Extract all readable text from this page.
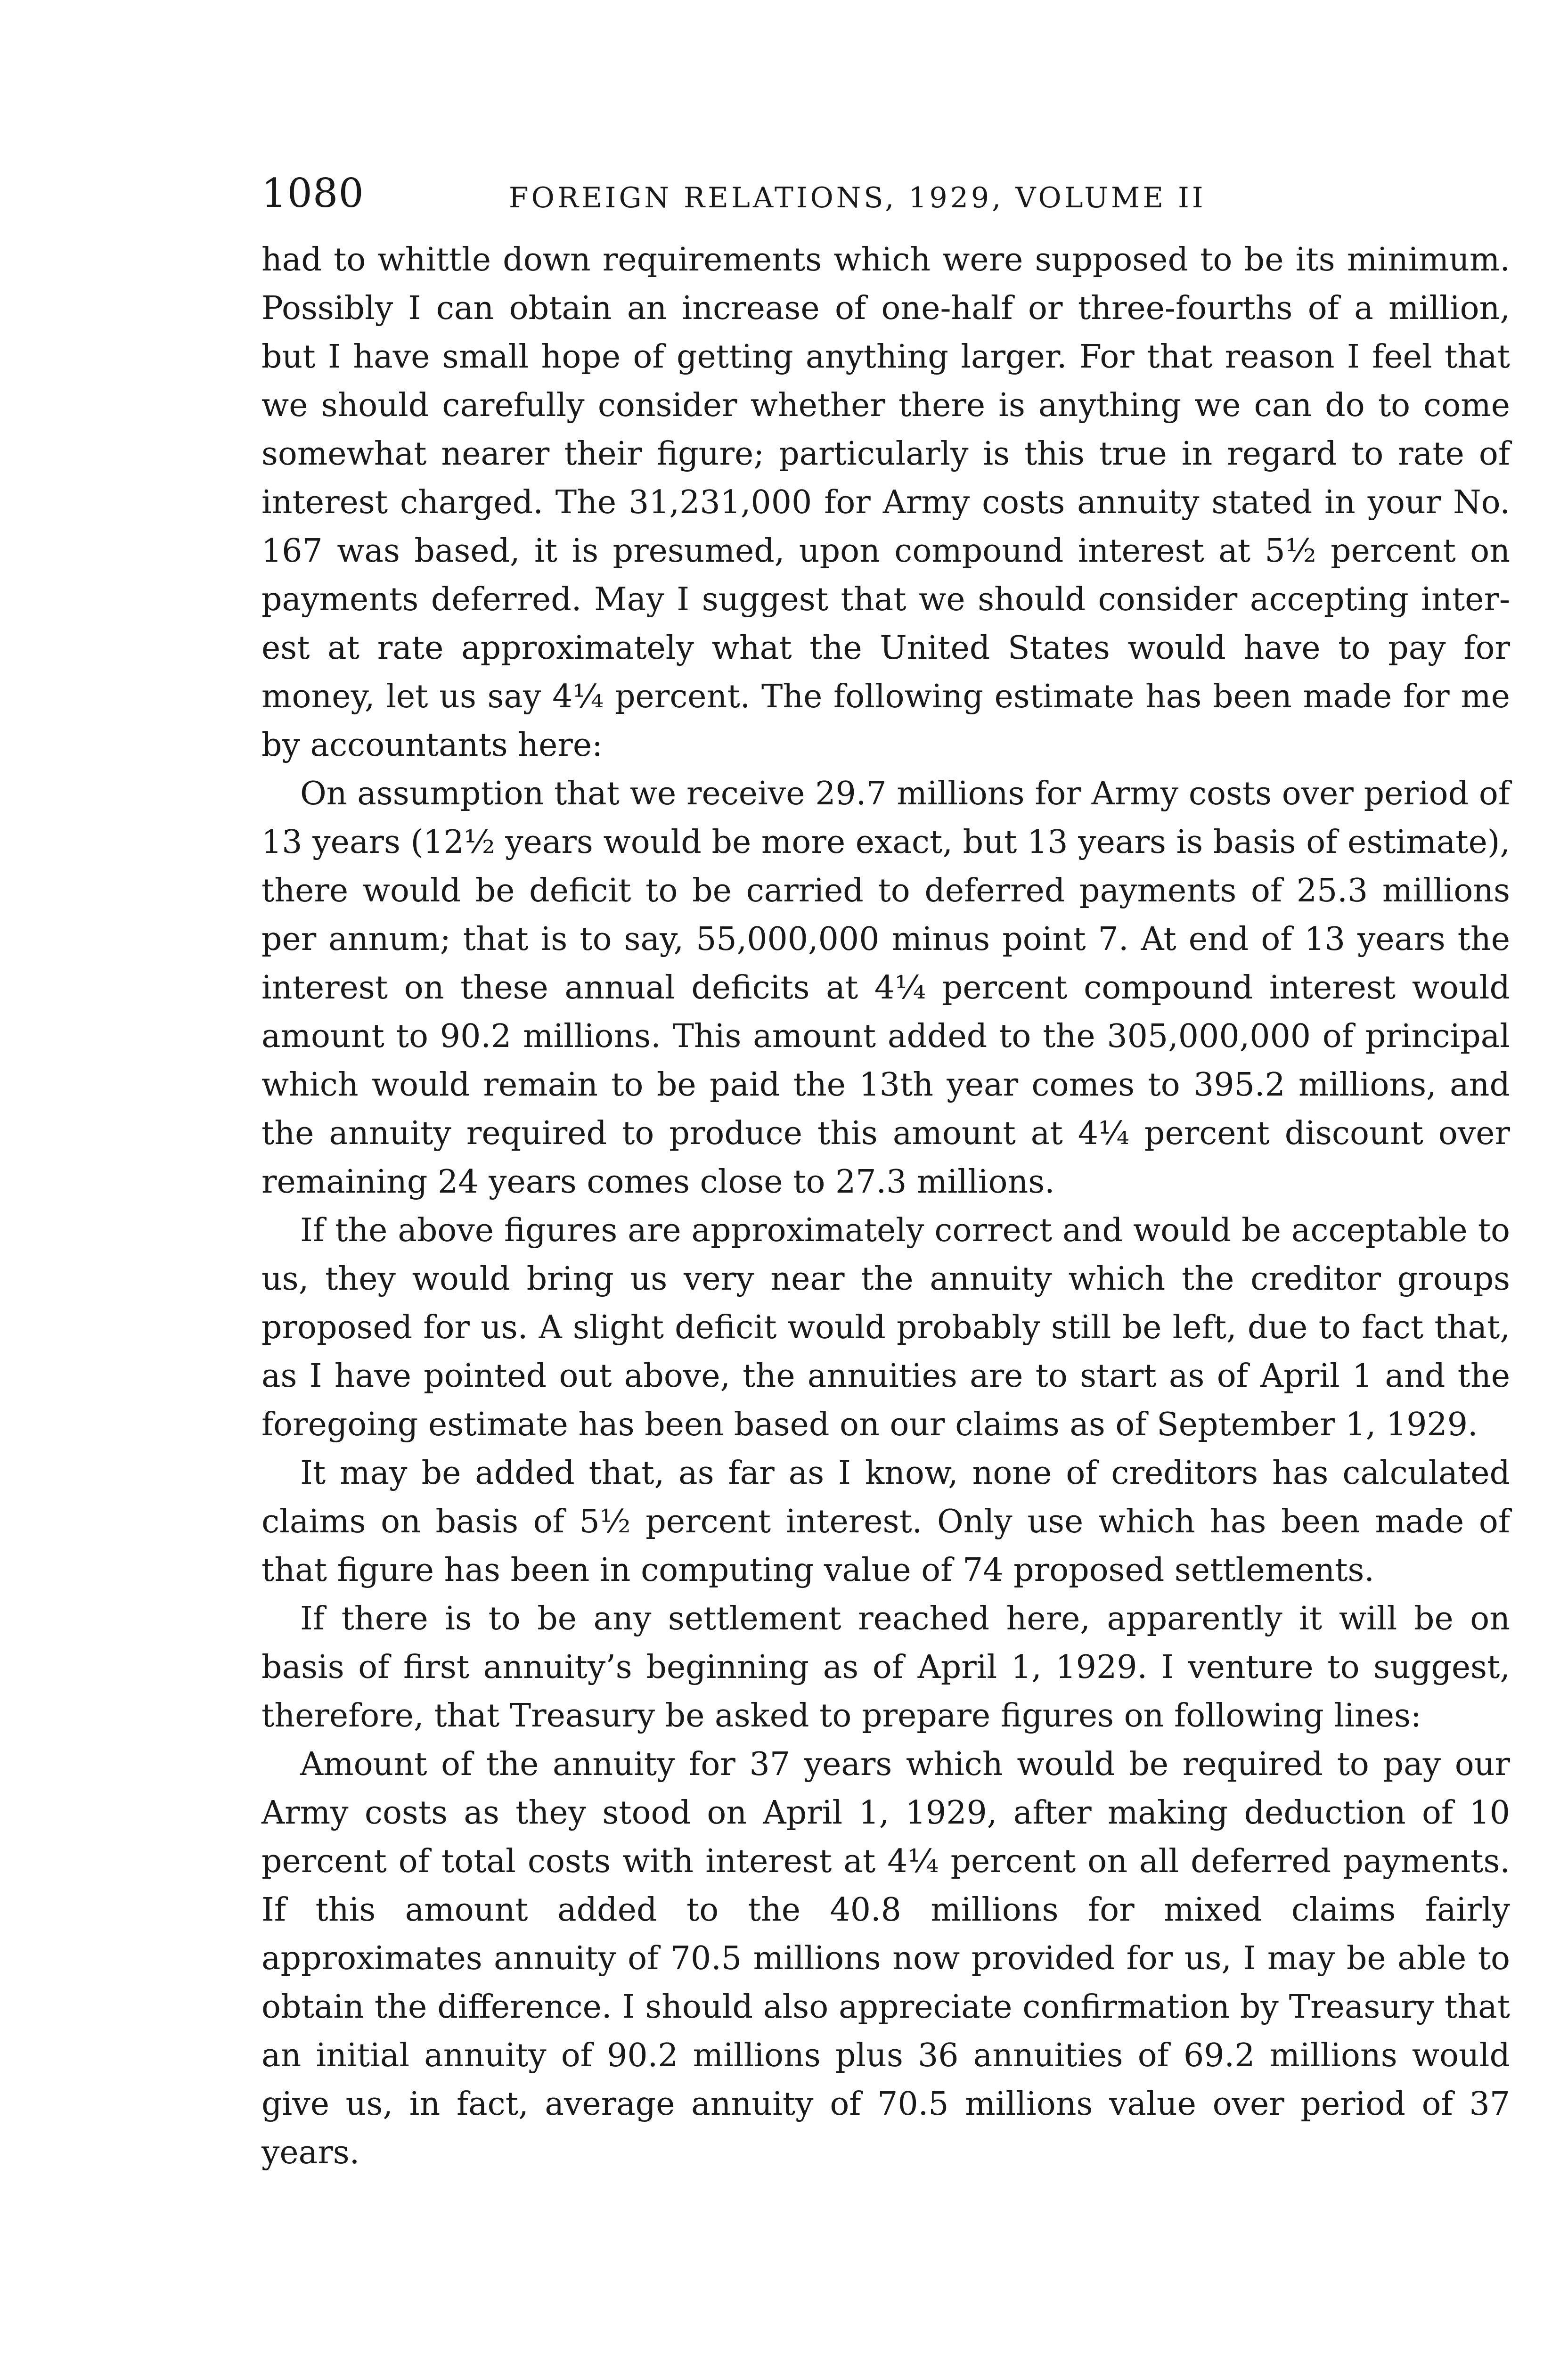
1080	FOREIGN RELATIONS, 1929, VOLUME II

had to whittle down requirements which were supposed to be its minimum. Possibly I can obtain an increase of one-half or three-fourths of a million, but I have small hope of getting anything larger. For that reason I feel that we should carefully consider whether there is anything we can do to come somewhat nearer their figure; particularly is this true in regard to rate of interest charged. The 31,231,000 for Army costs annuity stated in your No. 167 was based, it is presumed, upon compound interest at 5½ percent on payments deferred. May I suggest that we should consider accepting interest at rate approximately what the United States would have to pay for money, let us say 4¼ percent. The following estimate has been made for me by accountants here:

On assumption that we receive 29.7 millions for Army costs over period of 13 years (12½ years would be more exact, but 13 years is basis of estimate), there would be deficit to be carried to deferred payments of 25.3 millions per annum; that is to say, 55,000,000 minus point 7. At end of 13 years the interest on these annual deficits at 4¼ percent compound interest would amount to 90.2 millions. This amount added to the 305,000,000 of principal which would remain to be paid the 13th year comes to 395.2 millions, and the annuity required to produce this amount at 4¼ percent discount over remaining 24 years comes close to 27.3 millions.

If the above figures are approximately correct and would be acceptable to us, they would bring us very near the annuity which the creditor groups proposed for us. A slight deficit would probably still be left, due to fact that, as I have pointed out above, the annuities are to start as of April 1 and the foregoing estimate has been based on our claims as of September 1, 1929.

It may be added that, as far as I know, none of creditors has calculated claims on basis of 5½ percent interest. Only use which has been made of that figure has been in computing value of 74 proposed settlements.

If there is to be any settlement reached here, apparently it will be on basis of first annuity’s beginning as of April 1, 1929. I venture to suggest, therefore, that Treasury be asked to prepare figures on following lines:

Amount of the annuity for 37 years which would be required to pay our Army costs as they stood on April 1, 1929, after making deduction of 10 percent of total costs with interest at 4¼ percent on all deferred payments. If this amount added to the 40.8 millions for mixed claims fairly approximates annuity of 70.5 millions now provided for us, I may be able to obtain the difference. I should also appreciate confirmation by Treasury that an initial annuity of 90.2 millions plus 36 annuities of 69.2 millions would give us, in fact, average annuity of 70.5 millions value over period of 37 years.
